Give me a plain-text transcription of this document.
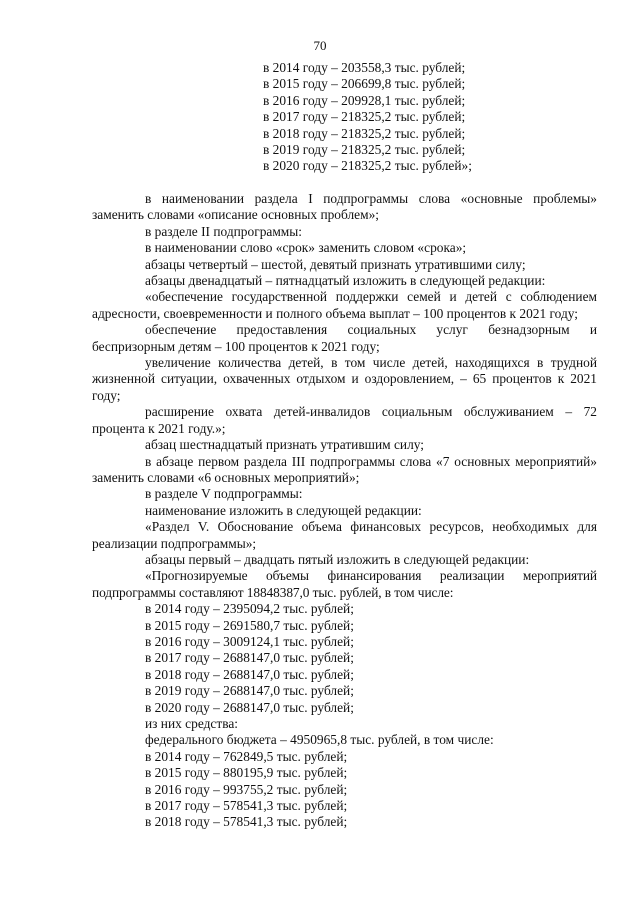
70
в 2014 году – 203558,3 тыс. рублей;
в 2015 году – 206699,8 тыс. рублей;
в 2016 году – 209928,1 тыс. рублей;
в 2017 году – 218325,2 тыс. рублей;
в 2018 году – 218325,2 тыс. рублей;
в 2019 году – 218325,2 тыс. рублей;
в 2020 году – 218325,2 тыс. рублей»;
в наименовании раздела I подпрограммы слова «основные проблемы» заменить словами «описание основных проблем»;
в разделе II подпрограммы:
в наименовании слово «срок» заменить словом «срока»;
абзацы четвертый – шестой, девятый признать утратившими силу;
абзацы двенадцатый – пятнадцатый изложить в следующей редакции:
«обеспечение государственной поддержки семей и детей с соблюдением адресности, своевременности и полного объема выплат – 100 процентов к 2021 году;
обеспечение предоставления социальных услуг безнадзорным и беспризорным детям – 100 процентов к 2021 году;
увеличение количества детей, в том числе детей, находящихся в трудной жизненной ситуации, охваченных отдыхом и оздоровлением, – 65 процентов к 2021 году;
расширение охвата детей-инвалидов социальным обслуживанием – 72 процента к 2021 году.»;
абзац шестнадцатый признать утратившим силу;
в абзаце первом раздела III подпрограммы слова «7 основных мероприятий» заменить словами «6 основных мероприятий»;
в разделе V подпрограммы:
наименование изложить в следующей редакции:
«Раздел V. Обоснование объема финансовых ресурсов, необходимых для реализации подпрограммы»;
абзацы первый – двадцать пятый изложить в следующей редакции:
«Прогнозируемые объемы финансирования реализации мероприятий подпрограммы составляют 18848387,0 тыс. рублей, в том числе:
в 2014 году – 2395094,2 тыс. рублей;
в 2015 году – 2691580,7 тыс. рублей;
в 2016 году – 3009124,1 тыс. рублей;
в 2017 году – 2688147,0 тыс. рублей;
в 2018 году – 2688147,0 тыс. рублей;
в 2019 году – 2688147,0 тыс. рублей;
в 2020 году – 2688147,0 тыс. рублей;
из них средства:
федерального бюджета – 4950965,8 тыс. рублей, в том числе:
в 2014 году – 762849,5 тыс. рублей;
в 2015 году – 880195,9 тыс. рублей;
в 2016 году – 993755,2 тыс. рублей;
в 2017 году – 578541,3 тыс. рублей;
в 2018 году – 578541,3 тыс. рублей;
